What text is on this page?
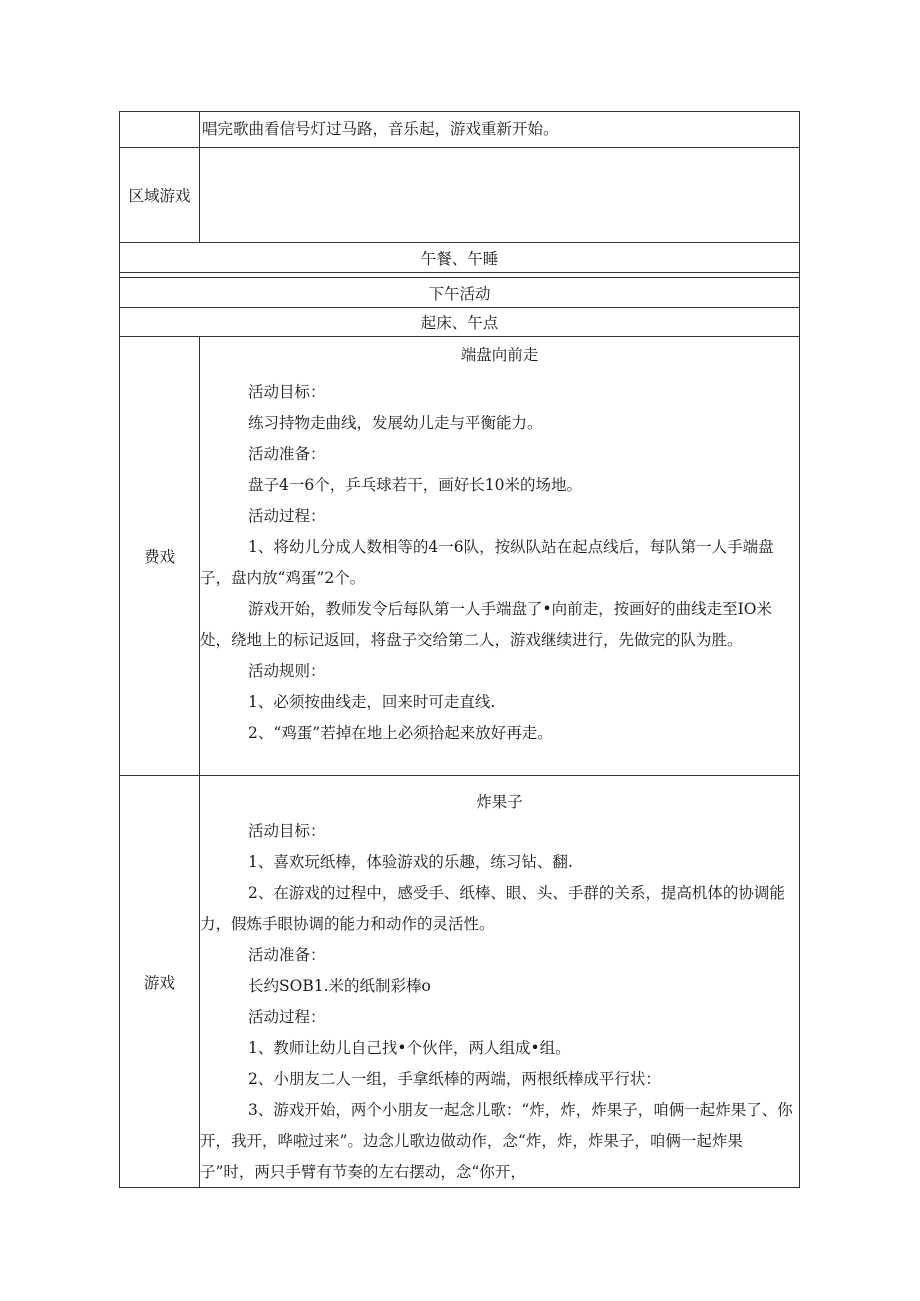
唱完歌曲看信号灯过马路，音乐起，游戏重新开始。

区域游戏
午餐、午睡
下午活动
起床、午点
费戏

端盘向前走

活动目标：

练习持物走曲线，发展幼儿走与平衡能力。

活动准备：

盘子4一6个，乒乓球若干，画好长10米的场地。

活动过程：

1、将幼儿分成人数相等的4一6队，按纵队站在起点线后，每队第一人手端盘子，盘内放“鸡蛋”2个。

游戏开始，教师发令后每队第一人手端盘了•向前走，按画好的曲线走至IO米处，绕地上的标记返回，将盘子交给第二人，游戏继续进行，先做完的队为胜。

活动规则：

1、必须按曲线走，回来时可走直线.

2、“鸡蛋”若掉在地上必须拾起来放好再走。

游戏

炸果子

活动目标：

1、喜欢玩纸棒，体验游戏的乐趣，练习钻、翻.

2、在游戏的过程中，感受手、纸棒、眼、头、手群的关系，提高机体的协调能力，假炼手眼协调的能力和动作的灵活性。

活动准备：

长约SOB1.米的纸制彩棒o

活动过程：

1、教师让幼儿自己找•个伙伴，两人组成•组。

2、小朋友二人一组，手拿纸棒的两端，两根纸棒成平行状：

3、游戏开始，两个小朋友一起念儿歌：“炸，炸，炸果子，咱俩一起炸果了、你开，我开，哗啦过来”。边念儿歌边做动作，念“炸，炸，炸果子，咱俩一起炸果子”时，两只手臂有节奏的左右摆动，念“你开，
